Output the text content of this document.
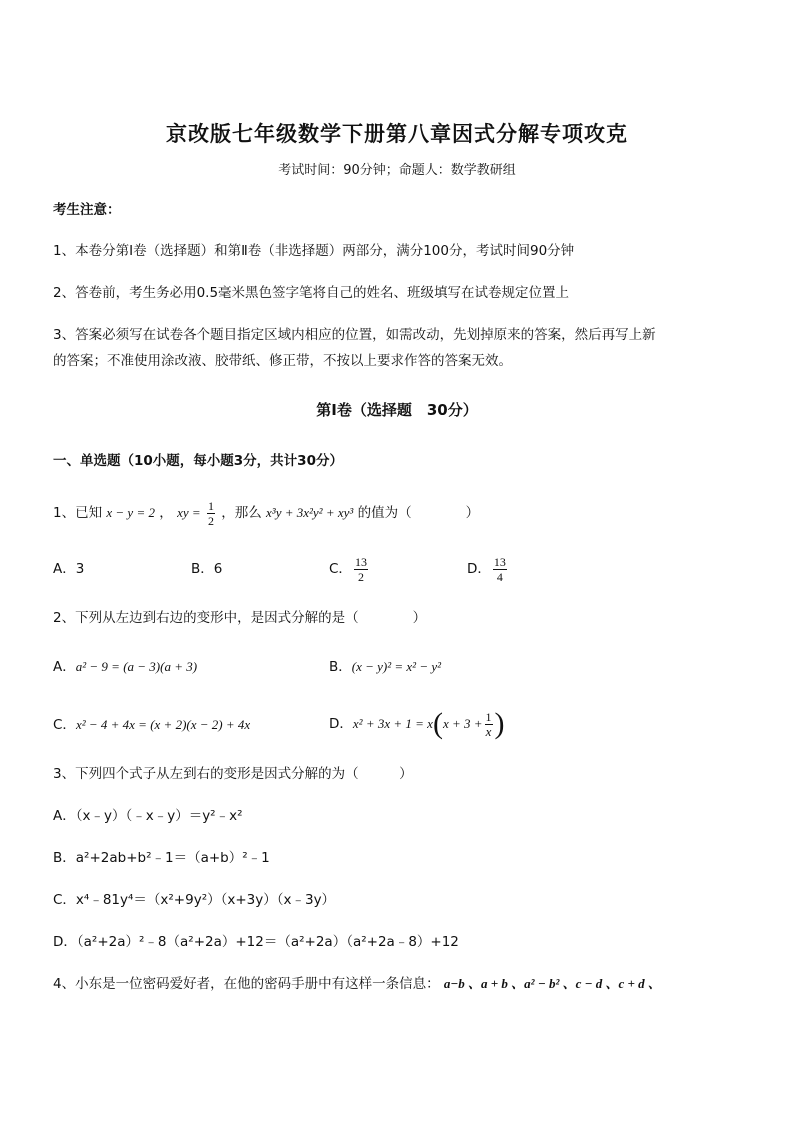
京改版七年级数学下册第八章因式分解专项攻克
考试时间：90分钟；命题人：数学教研组
考生注意：
1、本卷分第Ⅰ卷（选择题）和第Ⅱ卷（非选择题）两部分，满分100分，考试时间90分钟
2、答卷前，考生务必用0.5毫米黑色签字笔将自己的姓名、班级填写在试卷规定位置上
3、答案必须写在试卷各个题目指定区域内相应的位置，如需改动，先划掉原来的答案，然后再写上新
的答案；不准使用涂改液、胶带纸、修正带，不按以上要求作答的答案无效。
第Ⅰ卷（选择题　30分）
一、单选题（10小题，每小题3分，共计30分）
1、已知 x − y = 2 ， xy = $\frac{1}{2}$ ，那么 x³y + 3x²y² + xy³ 的值为（　　　　）
A．3	B．6	C． $\frac{13}{2}$	D． $\frac{13}{4}$
2、下列从左边到右边的变形中，是因式分解的是（　　　　）
A．a² − 9 = (a − 3)(a + 3)	B．(x − y)² = x² − y²
C．x² − 4 + 4x = (x + 2)(x − 2) + 4x	D．$x^2 + 3x + 1 = x(x + 3 + \frac{1}{x}$ )
3、下列四个式子从左到右的变形是因式分解的为（　　　）
A．（x﹣y）（﹣x﹣y）＝y²﹣x²
B．a²+2ab+b²﹣1＝（a+b）²﹣1
C．x⁴﹣81y⁴＝（x²+9y²）（x+3y）（x﹣3y）
D．（a²+2a）²﹣8（a²+2a）+12＝（a²+2a）（a²+2a﹣8）+12
4、小东是一位密码爱好者，在他的密码手册中有这样一条信息： a−b 、a + b 、a² − b² 、c − d 、c + d 、
